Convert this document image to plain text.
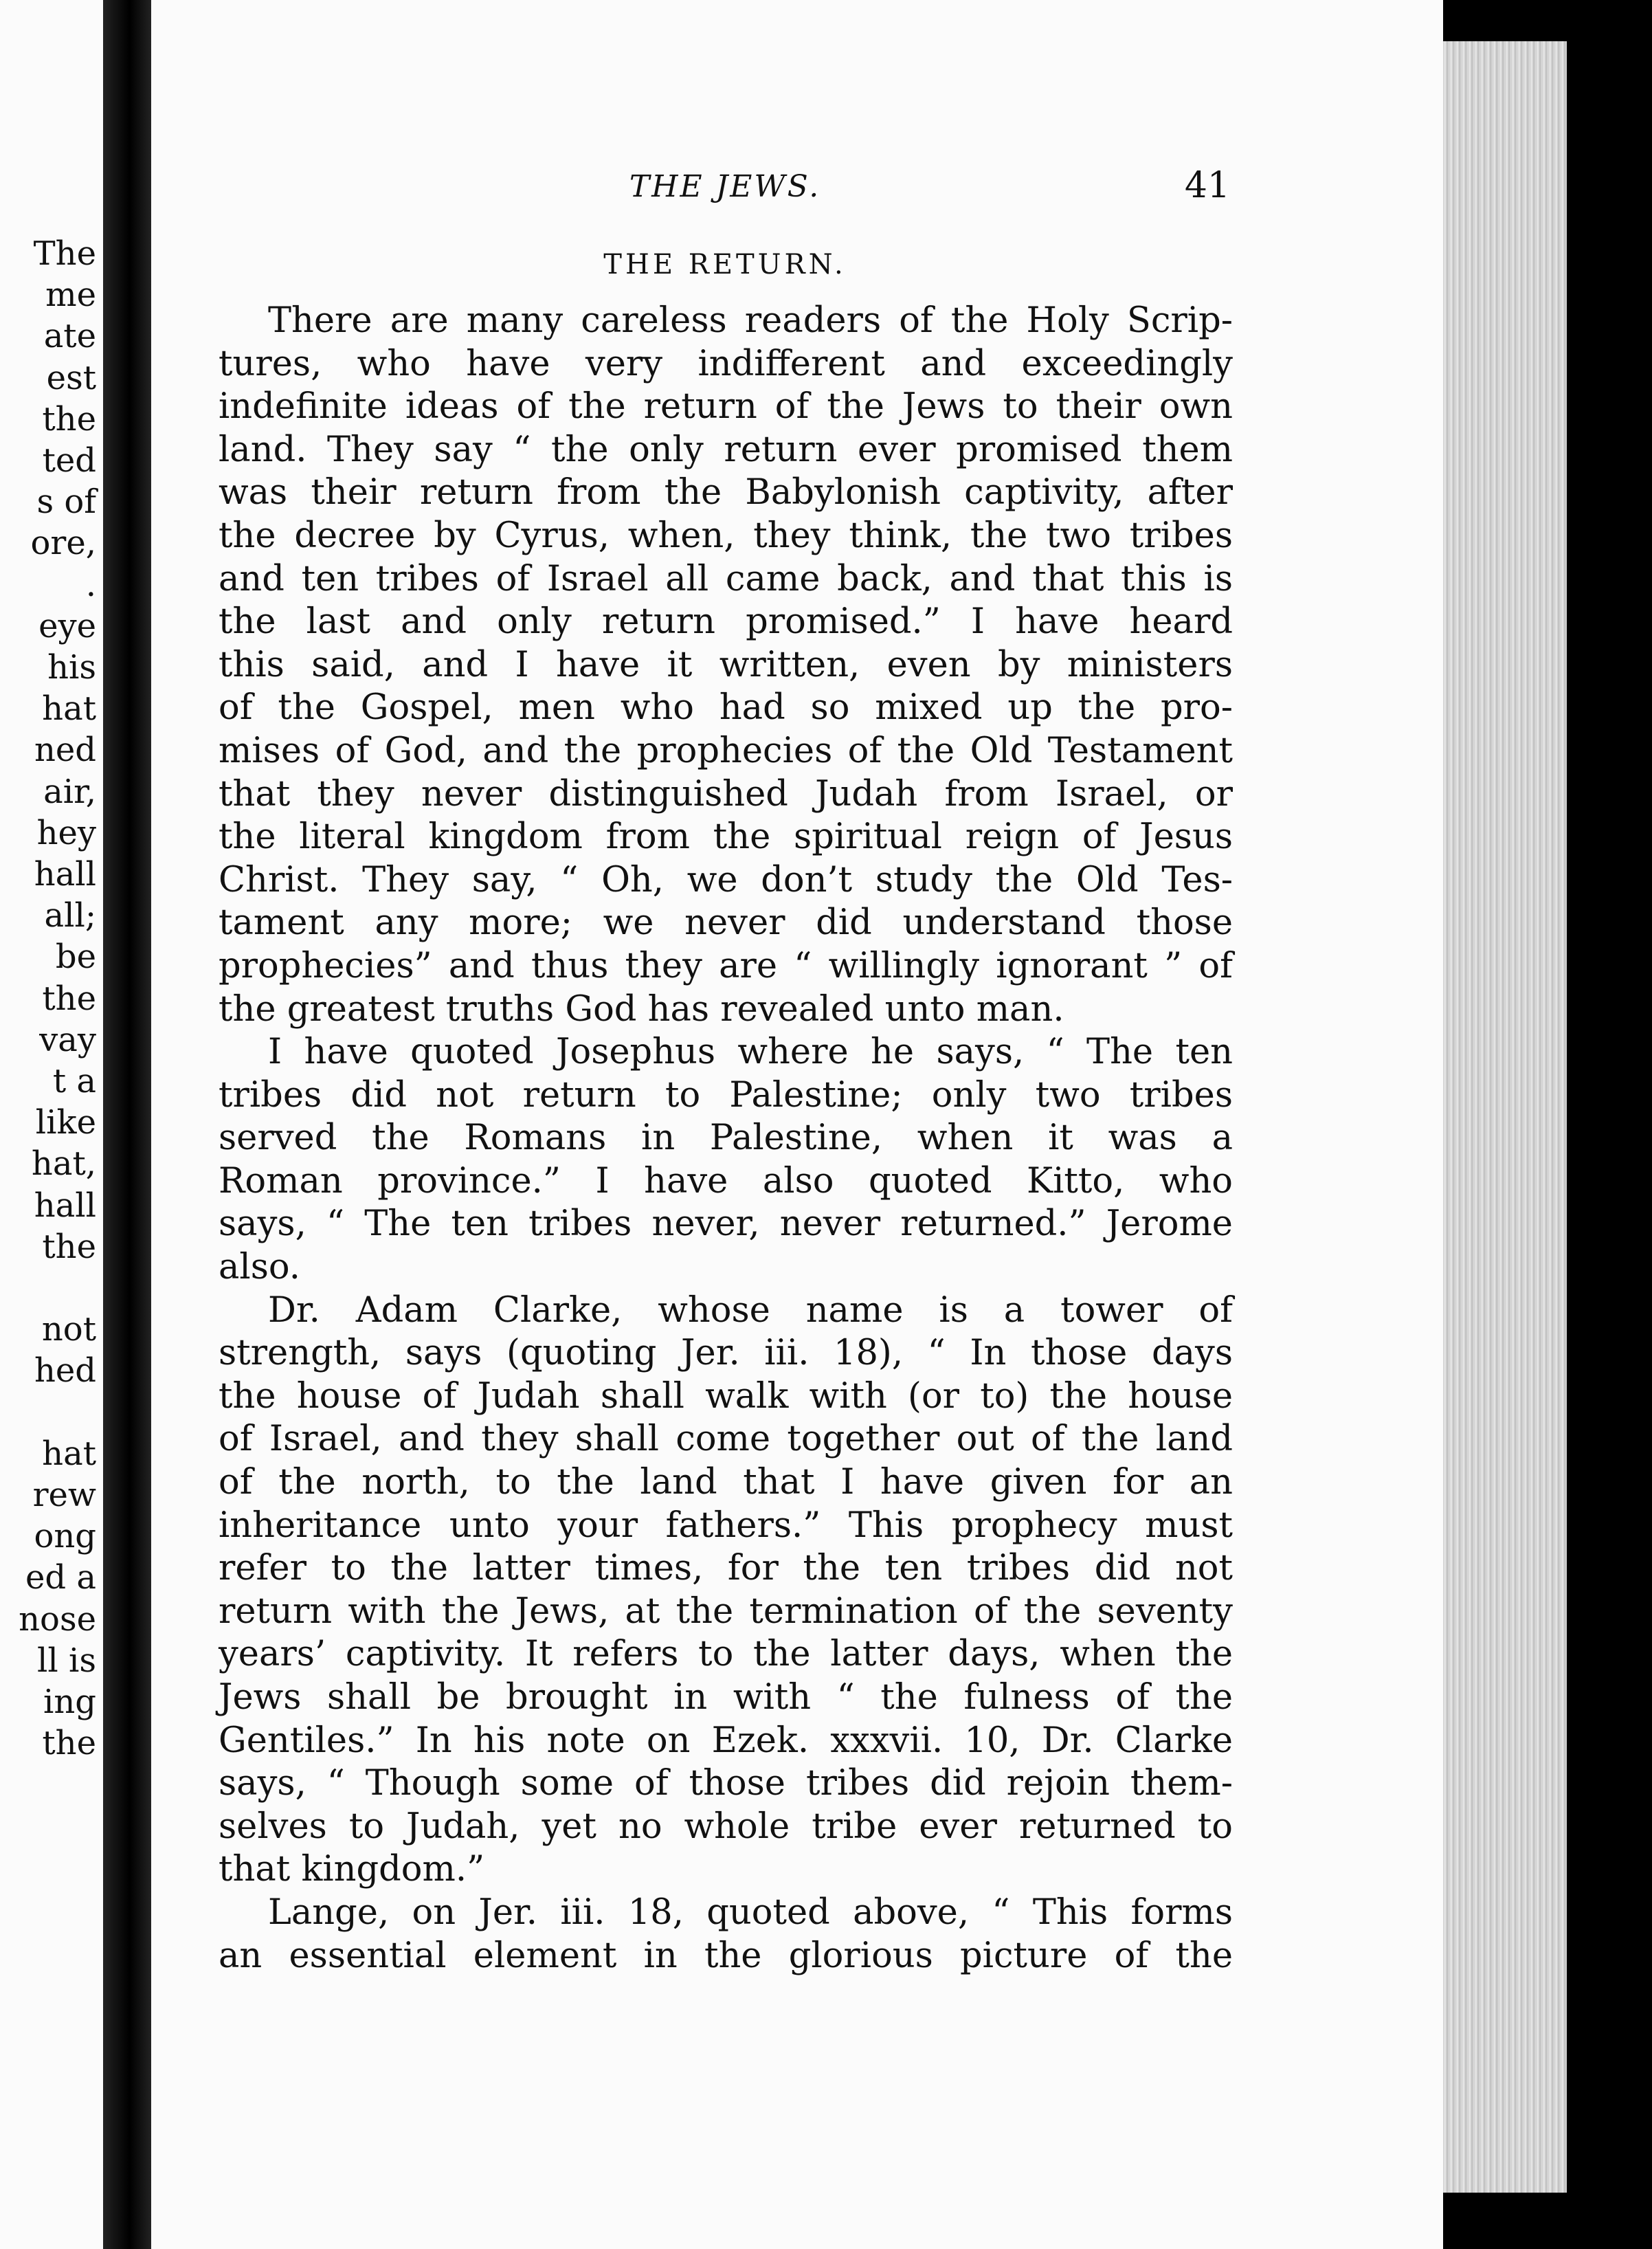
The
me
ate
est
the
ted
s of
ore,
.
eye
his
hat
ned
air,
hey
hall
all;
be
the
vay
t a
like
hat,
hall
the
not
hed
hat
rew
ong
ed a
nose
ll is
ing
the
THE JEWS.	41
THE RETURN.
There are many careless readers of the Holy Scrip-
tures, who have very indifferent and exceedingly
indefinite ideas of the return of the Jews to their own
land. They say “ the only return ever promised them
was their return from the Babylonish captivity, after
the decree by Cyrus, when, they think, the two tribes
and ten tribes of Israel all came back, and that this is
the last and only return promised.” I have heard
this said, and I have it written, even by ministers
of the Gospel, men who had so mixed up the pro-
mises of God, and the prophecies of the Old Testament
that they never distinguished Judah from Israel, or
the literal kingdom from the spiritual reign of Jesus
Christ. They say, “ Oh, we don’t study the Old Tes-
tament any more; we never did understand those
prophecies” and thus they are “ willingly ignorant ” of
the greatest truths God has revealed unto man.
I have quoted Josephus where he says, “ The ten
tribes did not return to Palestine; only two tribes
served the Romans in Palestine, when it was a
Roman province.” I have also quoted Kitto, who
says, “ The ten tribes never, never returned.” Jerome
also.
Dr. Adam Clarke, whose name is a tower of
strength, says (quoting Jer. iii. 18), “ In those days
the house of Judah shall walk with (or to) the house
of Israel, and they shall come together out of the land
of the north, to the land that I have given for an
inheritance unto your fathers.” This prophecy must
refer to the latter times, for the ten tribes did not
return with the Jews, at the termination of the seventy
years’ captivity. It refers to the latter days, when the
Jews shall be brought in with “ the fulness of the
Gentiles.” In his note on Ezek. xxxvii. 10, Dr. Clarke
says, “ Though some of those tribes did rejoin them-
selves to Judah, yet no whole tribe ever returned to
that kingdom.”
Lange, on Jer. iii. 18, quoted above, “ This forms
an essential element in the glorious picture of the
